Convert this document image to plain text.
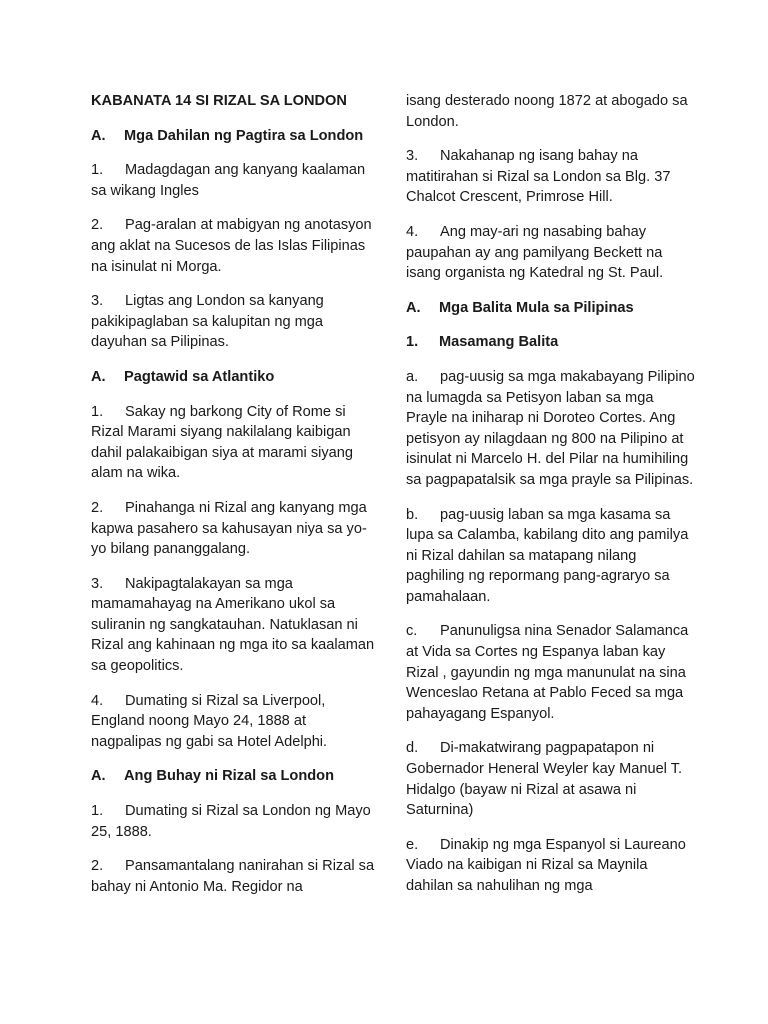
KABANATA 14 SI RIZAL SA LONDON
A. Mga Dahilan ng Pagtira sa London
1. Madagdagan ang kanyang kaalaman sa wikang Ingles
2. Pag-aralan at mabigyan ng anotasyon ang aklat na Sucesos de las Islas Filipinas na isinulat ni Morga.
3. Ligtas ang London sa kanyang pakikipaglaban sa kalupitan ng mga dayuhan sa Pilipinas.
A. Pagtawid sa Atlantiko
1. Sakay ng barkong City of Rome si Rizal Marami siyang nakilalang kaibigan dahil palakaibigan siya at marami siyang alam na wika.
2. Pinahanga ni Rizal ang kanyang mga kapwa pasahero sa kahusayan niya sa yo-yo bilang pananggalang.
3. Nakipagtalakayan sa mga mamamahayag na Amerikano ukol sa suliranin ng sangkatauhan. Natuklasan ni Rizal ang kahinaan ng mga ito sa kaalaman sa geopolitics.
4. Dumating si Rizal sa Liverpool, England noong Mayo 24, 1888 at nagpalipas ng gabi sa Hotel Adelphi.
A. Ang Buhay ni Rizal sa London
1. Dumating si Rizal sa London ng Mayo 25, 1888.
2. Pansamantalang nanirahan si Rizal sa bahay ni Antonio Ma. Regidor na
isang desterado noong 1872 at abogado sa London.
3. Nakahanap ng isang bahay na matitirahan si Rizal sa London sa Blg. 37 Chalcot Crescent, Primrose Hill.
4. Ang may-ari ng nasabing bahay paupahan ay ang pamilyang Beckett na isang organista ng Katedral ng St. Paul.
A. Mga Balita Mula sa Pilipinas
1. Masamang Balita
a. pag-uusig sa mga makabayang Pilipino na lumagda sa Petisyon laban sa mga Prayle na iniharap ni Doroteo Cortes. Ang petisyon ay nilagdaan ng 800 na Pilipino at isinulat ni Marcelo H. del Pilar na humihiling sa pagpapatalsik sa mga prayle sa Pilipinas.
b. pag-uusig laban sa mga kasama sa lupa sa Calamba, kabilang dito ang pamilya ni Rizal dahilan sa matapang nilang paghiling ng repormang pang-agraryo sa pamahalaan.
c. Panunuligsa nina Senador Salamanca at Vida sa Cortes ng Espanya laban kay Rizal , gayundin ng mga manunulat na sina Wenceslao Retana at Pablo Feced sa mga pahayagang Espanyol.
d. Di-makatwirang pagpapatapon ni Gobernador Heneral Weyler kay Manuel T. Hidalgo (bayaw ni Rizal at asawa ni Saturnina)
e. Dinakip ng mga Espanyol si Laureano Viado na kaibigan ni Rizal sa Maynila dahilan sa nahulihan ng mga
